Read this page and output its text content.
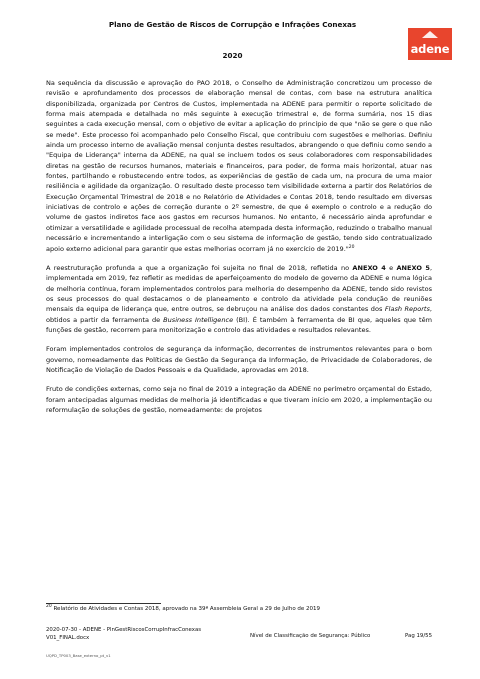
Plano de Gestão de Riscos de Corrupção e Infrações Conexas
2020	adene

Na sequência da discussão e aprovação do PAO 2018, o Conselho de Administração concretizou um processo de revisão e aprofundamento dos processos de elaboração mensal de contas, com base na estrutura analítica disponibilizada, organizada por Centros de Custos, implementada na ADENE para permitir o reporte solicitado de forma mais atempada e detalhada no mês seguinte à execução trimestral e, de forma sumária, nos 15 dias seguintes a cada execução mensal, com o objetivo de evitar a aplicação do princípio de que "não se gere o que não se mede". Este processo foi acompanhado pelo Conselho Fiscal, que contribuiu com sugestões e melhorias. Definiu ainda um processo interno de avaliação mensal conjunta destes resultados, abrangendo o que definiu como sendo a "Equipa de Liderança" interna da ADENE, na qual se incluem todos os seus colaboradores com responsabilidades diretas na gestão de recursos humanos, materiais e financeiros, para poder, de forma mais horizontal, atuar nas fontes, partilhando e robustecendo entre todos, as experiências de gestão de cada um, na procura de uma maior resiliência e agilidade da organização. O resultado deste processo tem visibilidade externa a partir dos Relatórios de Execução Orçamental Trimestral de 2018 e no Relatório de Atividades e Contas 2018, tendo resultado em diversas iniciativas de controlo e ações de correção durante o 2º semestre, de que é exemplo o controlo e a redução do volume de gastos indiretos face aos gastos em recursos humanos. No entanto, é necessário ainda aprofundar e otimizar a versatilidade e agilidade processual de recolha atempada desta informação, reduzindo o trabalho manual necessário e incrementando a interligação com o seu sistema de informação de gestão, tendo sido contratualizado apoio externo adicional para garantir que estas melhorias ocorram já no exercício de 2019."$^{20}$

A reestruturação profunda a que a organização foi sujeita no final de 2018, refletida no ANEXO 4 e ANEXO 5, implementada em 2019, fez refletir as medidas de aperfeiçoamento do modelo de governo da ADENE e numa lógica de melhoria contínua, foram implementados controlos para melhoria do desempenho da ADENE, tendo sido revistos os seus processos do qual destacamos o de planeamento e controlo da atividade pela condução de reuniões mensais da equipa de liderança que, entre outros, se debruçou na análise dos dados constantes dos Flash Reports, obtidos a partir da ferramenta de Business Intelligence (BI). É também à ferramenta de BI que, aqueles que têm funções de gestão, recorrem para monitorização e controlo das atividades e resultados relevantes.

Foram implementados controlos de segurança da informação, decorrentes de instrumentos relevantes para o bom governo, nomeadamente das Políticas de Gestão da Segurança da Informação, de Privacidade de Colaboradores, de Notificação de Violação de Dados Pessoais e da Qualidade, aprovadas em 2018.

Fruto de condições externas, como seja no final de 2019 a integração da ADENE no perímetro orçamental do Estado, foram antecipadas algumas medidas de melhoria já identificadas e que tiveram início em 2020, a implementação ou reformulação de soluções de gestão, nomeadamente: de projetos

$^{20}$ Relatório de Atividades e Contas 2018, aprovado na 39ª Assembleia Geral a 29 de Julho de 2019
2020-07-30 - ADENE - PlnGestRiscosCorrupInfracConexas
V01_FINAL.docx	Nível de Classificação de Segurança: Público	Pag 19/55
UQPD_TP003_Base_externo_pt_v1
